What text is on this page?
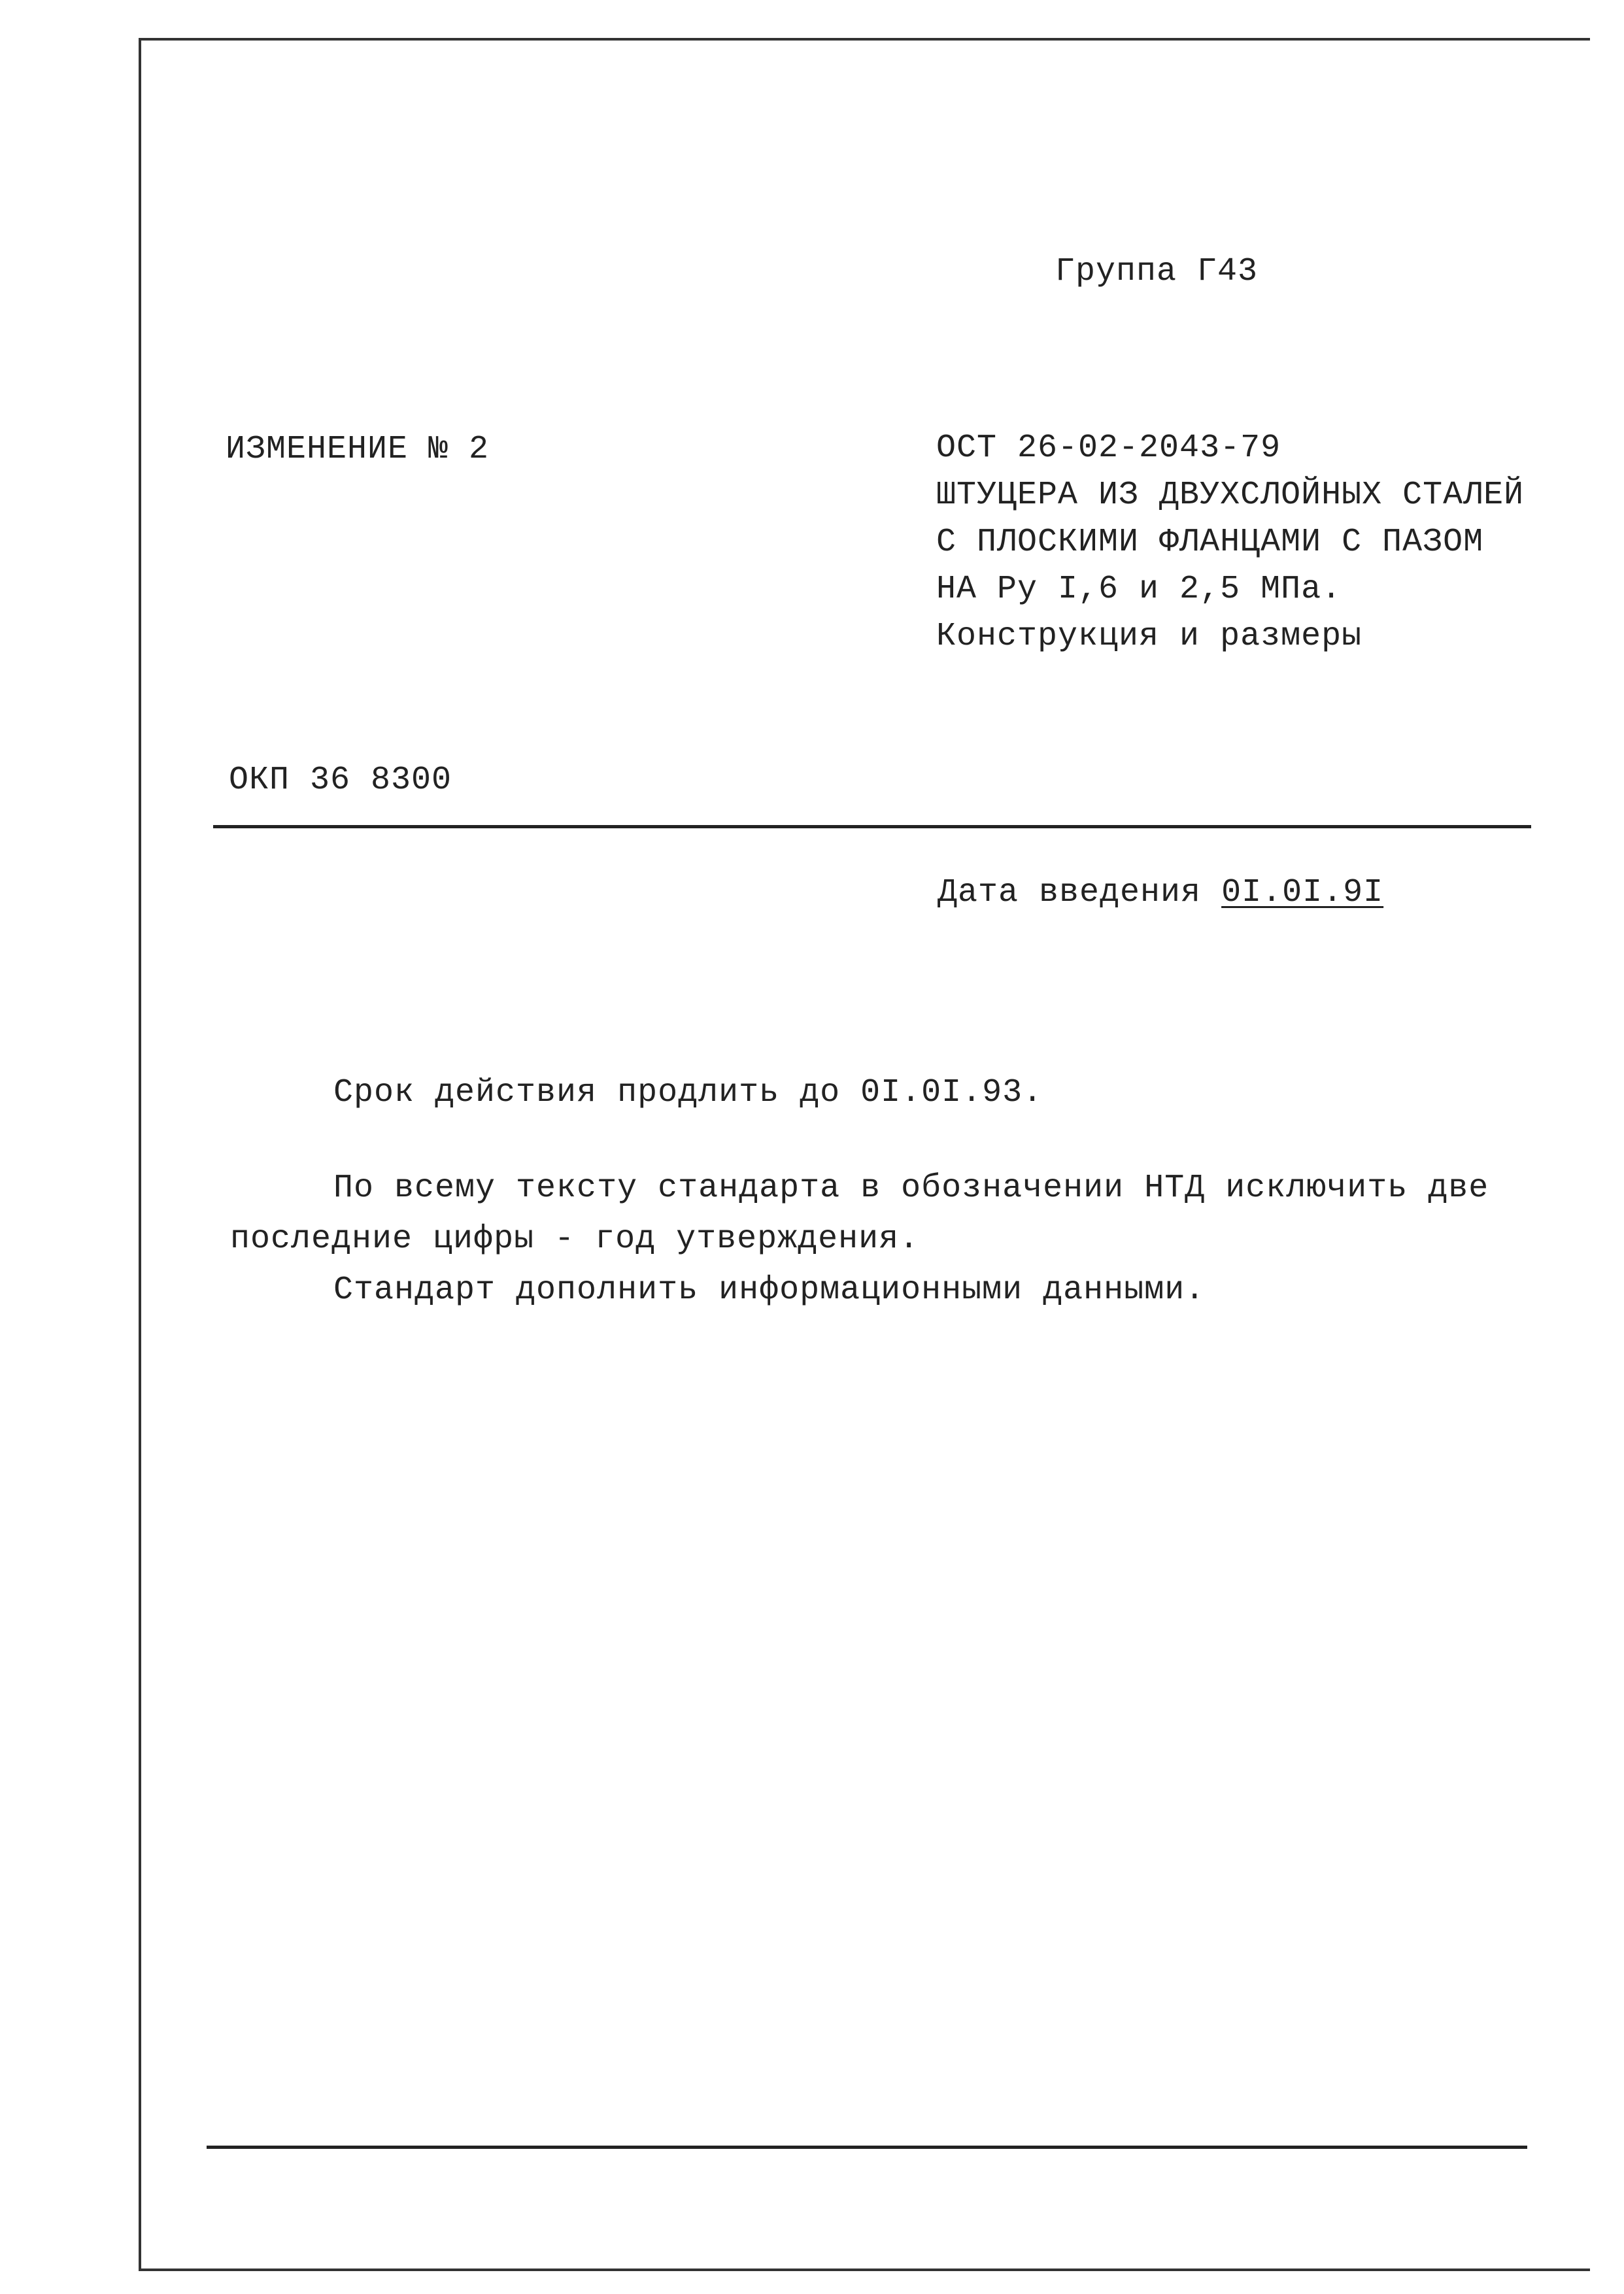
Группа Г43
ИЗМЕНЕНИЕ № 2	ОСТ 26-02-2043-79
ШТУЦЕРА ИЗ ДВУХСЛОЙНЫХ СТАЛЕЙ
С ПЛОСКИМИ ФЛАНЦАМИ С ПАЗОМ
НА Ру I,6 и 2,5 МПа.
Конструкция и размеры
ОКП 36 8300
Дата введения 0I.0I.9I
Срок действия продлить до 0I.0I.93.
По всему тексту стандарта в обозначении НТД исключить две
последние цифры - год утверждения.
Стандарт дополнить информационными данными.
